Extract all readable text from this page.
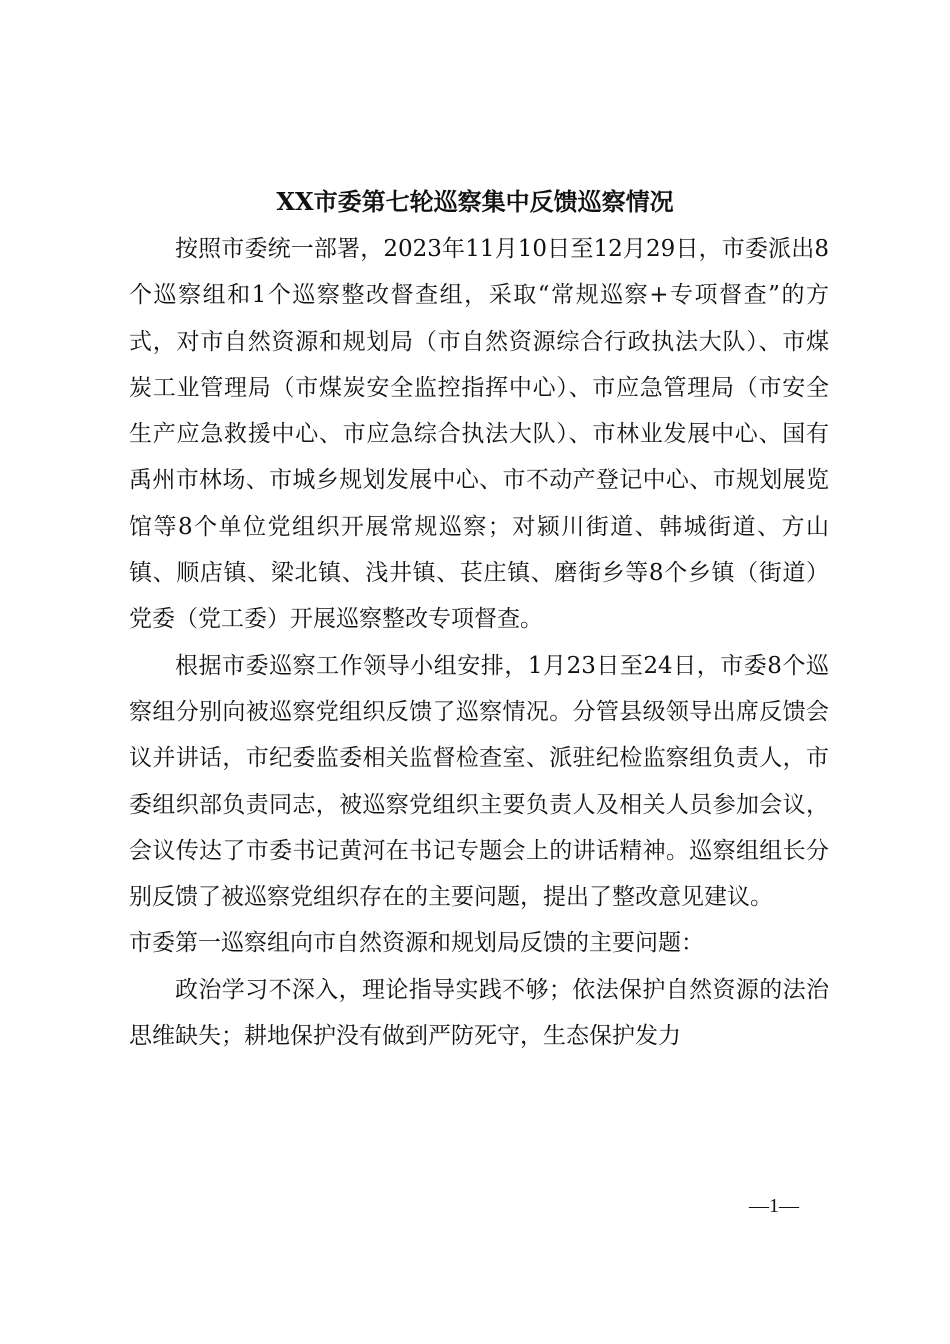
XX市委第七轮巡察集中反馈巡察情况

按照市委统一部署，2023年11月10日至12月29日，市委派出8个巡察组和1个巡察整改督查组，采取“常规巡察+专项督查”的方式，对市自然资源和规划局（市自然资源综合行政执法大队）、市煤炭工业管理局（市煤炭安全监控指挥中心）、市应急管理局（市安全生产应急救援中心、市应急综合执法大队）、市林业发展中心、国有禹州市林场、市城乡规划发展中心、市不动产登记中心、市规划展览馆等8个单位党组织开展常规巡察；对颍川街道、韩城街道、方山镇、顺店镇、梁北镇、浅井镇、苌庄镇、磨街乡等8个乡镇（街道）党委（党工委）开展巡察整改专项督查。

根据市委巡察工作领导小组安排，1月23日至24日，市委8个巡察组分别向被巡察党组织反馈了巡察情况。分管县级领导出席反馈会议并讲话，市纪委监委相关监督检查室、派驻纪检监察组负责人，市委组织部负责同志，被巡察党组织主要负责人及相关人员参加会议，会议传达了市委书记黄河在书记专题会上的讲话精神。巡察组组长分别反馈了被巡察党组织存在的主要问题，提出了整改意见建议。

市委第一巡察组向市自然资源和规划局反馈的主要问题：

政治学习不深入，理论指导实践不够；依法保护自然资源的法治思维缺失；耕地保护没有做到严防死守，生态保护发力

—1—
